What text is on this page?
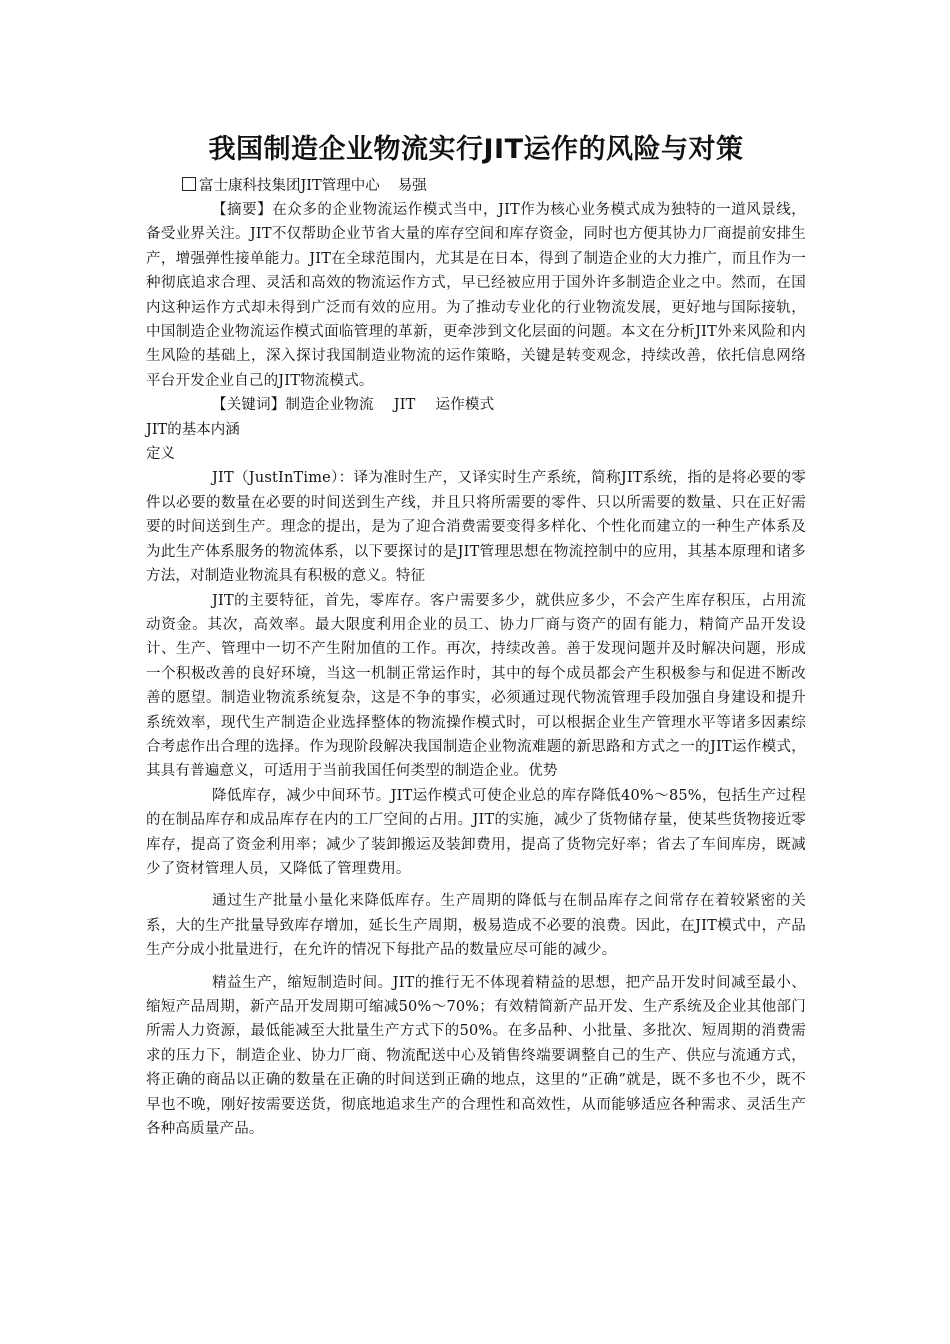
我国制造企业物流实行JIT运作的风险与对策
富士康科技集团JIT管理中心 易强

【摘要】在众多的企业物流运作模式当中，JIT作为核心业务模式成为独特的一道风景线，备受业界关注。JIT不仅帮助企业节省大量的库存空间和库存资金，同时也方便其协力厂商提前安排生产，增强弹性接单能力。JIT在全球范围内，尤其是在日本，得到了制造企业的大力推广，而且作为一种彻底追求合理、灵活和高效的物流运作方式，早已经被应用于国外许多制造企业之中。然而，在国内这种运作方式却未得到广泛而有效的应用。为了推动专业化的行业物流发展，更好地与国际接轨，中国制造企业物流运作模式面临管理的革新，更牵涉到文化层面的问题。本文在分析JIT外来风险和内生风险的基础上，深入探讨我国制造业物流的运作策略，关键是转变观念，持续改善，依托信息网络平台开发企业自己的JIT物流模式。

【关键词】制造企业物流 JIT 运作模式

JIT的基本内涵
定义

JIT（JustInTime）：译为准时生产，又译实时生产系统，简称JIT系统，指的是将必要的零件以必要的数量在必要的时间送到生产线，并且只将所需要的零件、只以所需要的数量、只在正好需要的时间送到生产。理念的提出，是为了迎合消费需要变得多样化、个性化而建立的一种生产体系及为此生产体系服务的物流体系，以下要探讨的是JIT管理思想在物流控制中的应用，其基本原理和诸多方法，对制造业物流具有积极的意义。特征

JIT的主要特征，首先，零库存。客户需要多少，就供应多少，不会产生库存积压，占用流动资金。其次，高效率。最大限度利用企业的员工、协力厂商与资产的固有能力，精简产品开发设计、生产、管理中一切不产生附加值的工作。再次，持续改善。善于发现问题并及时解决问题，形成一个积极改善的良好环境，当这一机制正常运作时，其中的每个成员都会产生积极参与和促进不断改善的愿望。制造业物流系统复杂，这是不争的事实，必须通过现代物流管理手段加强自身建设和提升系统效率，现代生产制造企业选择整体的物流操作模式时，可以根据企业生产管理水平等诸多因素综合考虑作出合理的选择。作为现阶段解决我国制造企业物流难题的新思路和方式之一的JIT运作模式，其具有普遍意义，可适用于当前我国任何类型的制造企业。优势

降低库存，减少中间环节。JIT运作模式可使企业总的库存降低40%～85%，包括生产过程的在制品库存和成品库存在内的工厂空间的占用。JIT的实施，减少了货物储存量，使某些货物接近零库存，提高了资金利用率；减少了装卸搬运及装卸费用，提高了货物完好率；省去了车间库房，既减少了资材管理人员，又降低了管理费用。

通过生产批量小量化来降低库存。生产周期的降低与在制品库存之间常存在着较紧密的关系，大的生产批量导致库存增加，延长生产周期，极易造成不必要的浪费。因此，在JIT模式中，产品生产分成小批量进行，在允许的情况下每批产品的数量应尽可能的减少。

精益生产，缩短制造时间。JIT的推行无不体现着精益的思想，把产品开发时间减至最小、缩短产品周期，新产品开发周期可缩减50%～70%；有效精简新产品开发、生产系统及企业其他部门所需人力资源，最低能减至大批量生产方式下的50%。在多品种、小批量、多批次、短周期的消费需求的压力下，制造企业、协力厂商、物流配送中心及销售终端要调整自己的生产、供应与流通方式，将正确的商品以正确的数量在正确的时间送到正确的地点，这里的“正确”就是，既不多也不少，既不早也不晚，刚好按需要送货，彻底地追求生产的合理性和高效性，从而能够适应各种需求、灵活生产各种高质量产品。
